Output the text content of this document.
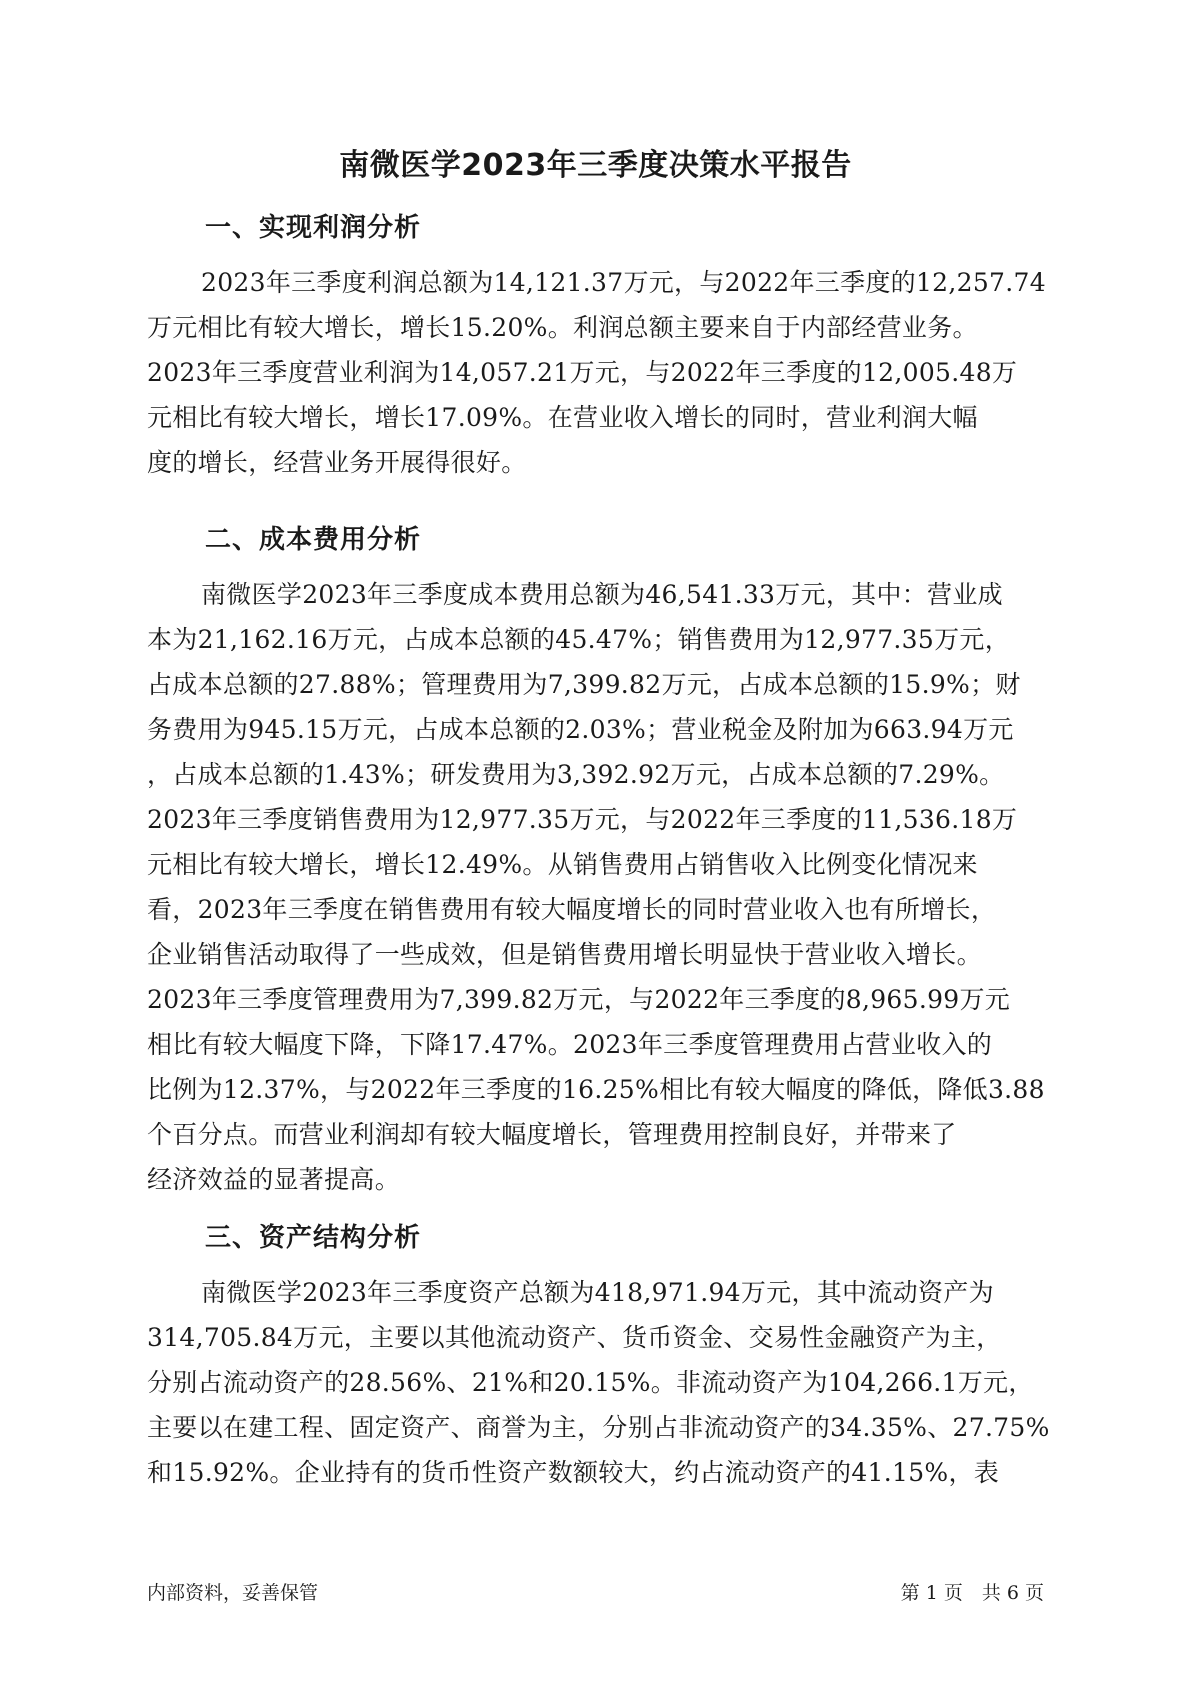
南微医学2023年三季度决策水平报告
一、实现利润分析
2023年三季度利润总额为14,121.37万元，与2022年三季度的12,257.74
万元相比有较大增长，增长15.20%。利润总额主要来自于内部经营业务。
2023年三季度营业利润为14,057.21万元，与2022年三季度的12,005.48万
元相比有较大增长，增长17.09%。在营业收入增长的同时，营业利润大幅
度的增长，经营业务开展得很好。
二、成本费用分析
南微医学2023年三季度成本费用总额为46,541.33万元，其中：营业成
本为21,162.16万元，占成本总额的45.47%；销售费用为12,977.35万元，
占成本总额的27.88%；管理费用为7,399.82万元，占成本总额的15.9%；财
务费用为945.15万元，占成本总额的2.03%；营业税金及附加为663.94万元
，占成本总额的1.43%；研发费用为3,392.92万元，占成本总额的7.29%。
2023年三季度销售费用为12,977.35万元，与2022年三季度的11,536.18万
元相比有较大增长，增长12.49%。从销售费用占销售收入比例变化情况来
看，2023年三季度在销售费用有较大幅度增长的同时营业收入也有所增长，
企业销售活动取得了一些成效，但是销售费用增长明显快于营业收入增长。
2023年三季度管理费用为7,399.82万元，与2022年三季度的8,965.99万元
相比有较大幅度下降，下降17.47%。2023年三季度管理费用占营业收入的
比例为12.37%，与2022年三季度的16.25%相比有较大幅度的降低，降低3.88
个百分点。而营业利润却有较大幅度增长，管理费用控制良好，并带来了
经济效益的显著提高。
三、资产结构分析
南微医学2023年三季度资产总额为418,971.94万元，其中流动资产为
314,705.84万元，主要以其他流动资产、货币资金、交易性金融资产为主，
分别占流动资产的28.56%、21%和20.15%。非流动资产为104,266.1万元，
主要以在建工程、固定资产、商誉为主，分别占非流动资产的34.35%、27.75%
和15.92%。企业持有的货币性资产数额较大，约占流动资产的41.15%，表
内部资料，妥善保管	第 1 页　共 6 页
